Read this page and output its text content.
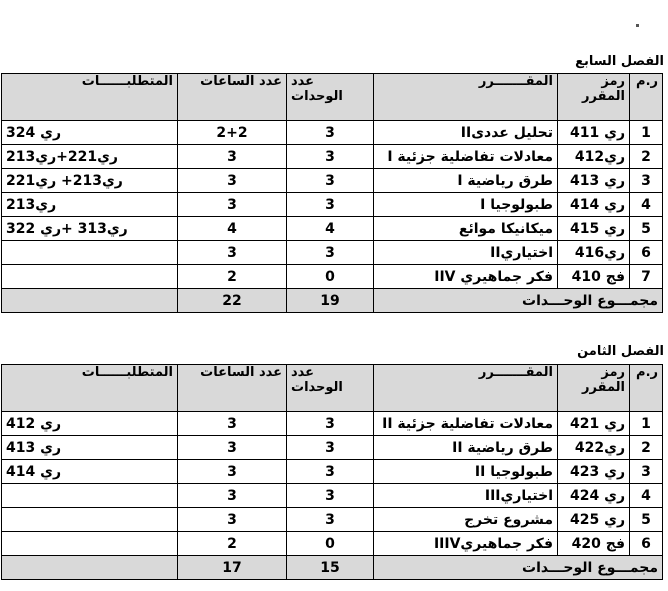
الفصل السابع
ر.م	رمز المقرر	المقـــــــرر	عدد الوحدات	عدد الساعات	المتطلبــــــات
1	ري 411	تحليل عددىII	3	2+2	ري 324
2	ري412	معادلات تفاضلية جزئية I	3	3	ري221+ري213
3	ري 413	طرق رياضية I	3	3	ري213+ ري221
4	ري 414	طبولوجيا I	3	3	ري213
5	ري 415	ميكانيكا موائع	4	4	ري313 +ري 322
6	ري416	اختياريII	3	3	
7	فج 410	فكر جماهيري IIV	0	2	
مجمـــوع الوحـــدات			19	22	
الفصل الثامن
ر.م	رمز المقرر	المقـــــــرر	عدد الوحدات	عدد الساعات	المتطلبــــــات
1	ري 421	معادلات تفاضلية جزئية II	3	3	ري 412
2	ري422	طرق رياضية II	3	3	ري 413
3	ري 423	طبولوجيا II	3	3	ري 414
4	ري 424	اختياريIII	3	3	
5	ري 425	مشروع تخرج	3	3	
6	فج 420	فكر جماهيريIIIV	0	2	
مجمـــوع الوحـــدات			15	17	
